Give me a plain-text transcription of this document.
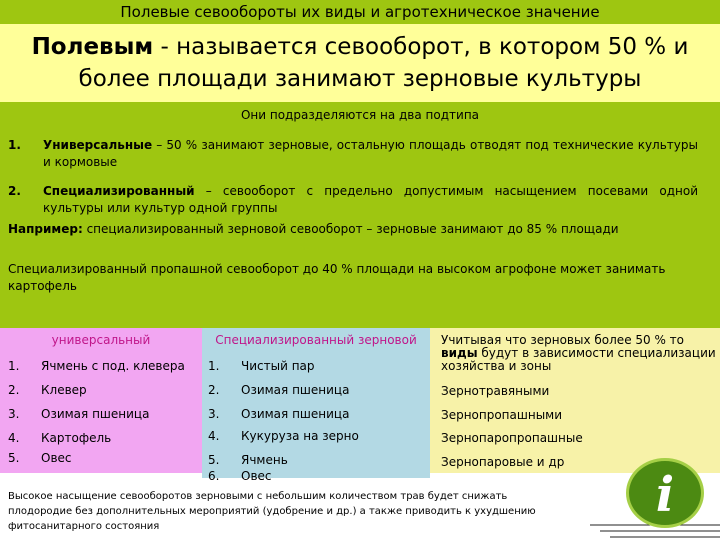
Полевые севообороты их виды и агротехническое значение
Полевым - называется севооборот, в котором 50 % и
более площади занимают зерновые культуры
Они подразделяются на два подтипа
1. Универсальные – 50 % занимают зерновые, остальную площадь отводят под технические культуры и кормовые
2. Специализированный – севооборот с предельно допустимым насыщением посевами одной культуры или культур одной группы
Например: специализированный зерновой севооборот – зерновые занимают до 85 % площади
Специализированный пропашной севооборот до 40 % площади на высоком агрофоне может занимать картофель
универсальный
1. Ячмень с под. клевера
2. Клевер
3. Озимая пшеница
4. Картофель
5. Овес
Специализированный зерновой
1. Чистый пар
2. Озимая пшеница
3. Озимая пшеница
4. Кукуруза на зерно
5. Ячмень
6. Овес
Учитывая что зерновых более 50 % то виды будут в зависимости специализации хозяйства и зоны
Зернотравяными
Зернопропашными
Зернопаропропашные
Зернопаровые и др
Высокое насыщение севооборотов зерновыми с небольшим количеством трав будет снижать плодородие без дополнительных мероприятий (удобрение и др.) а также приводить к ухудшению фитосанитарного состояния
i
